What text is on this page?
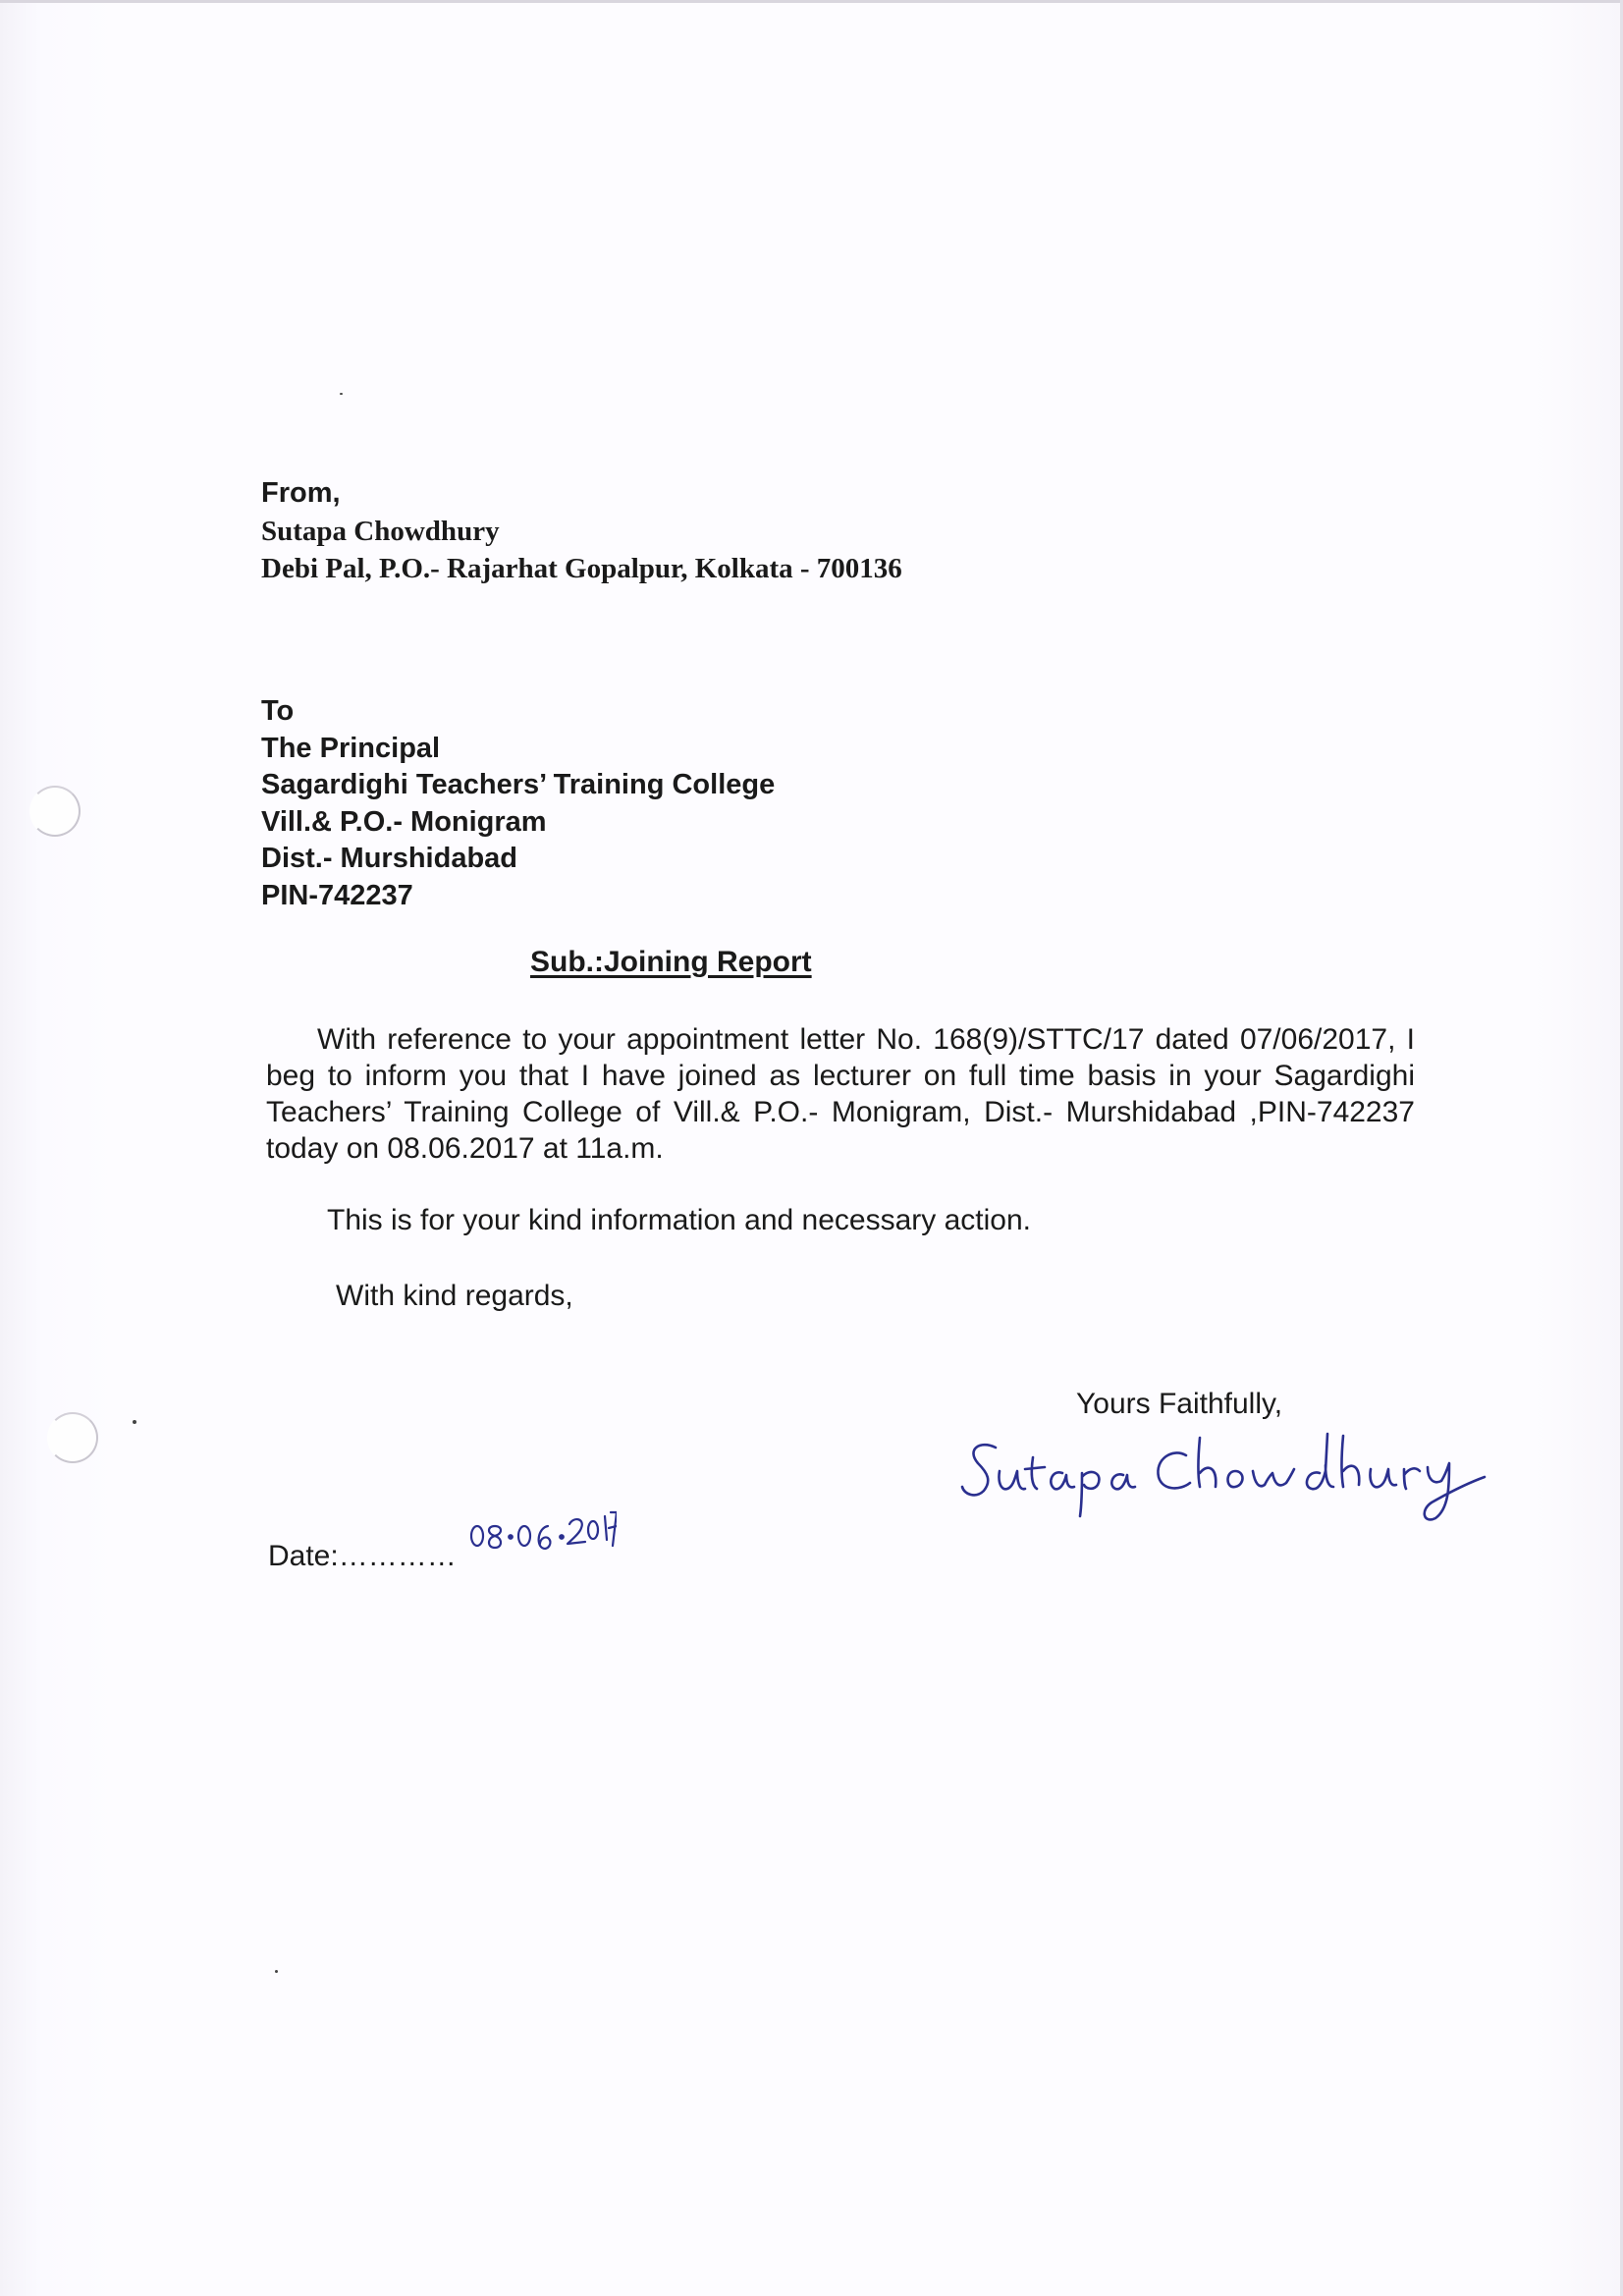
From,

Sutapa Chowdhury

Debi Pal, P.O.- Rajarhat Gopalpur, Kolkata - 700136

To

The Principal

Sagardighi Teachers’ Training College

Vill.& P.O.- Monigram

Dist.- Murshidabad

PIN-742237

Sub.:Joining Report

With reference to your appointment letter No. 168(9)/STTC/17 dated 07/06/2017, I beg to inform you that I have joined as lecturer on full time basis in your Sagardighi Teachers’ Training College of Vill.& P.O.- Monigram, Dist.- Murshidabad ,PIN-742237 today on 08.06.2017 at 11a.m.

This is for your kind information and necessary action.
With kind regards,
Yours Faithfully,
Date:…………
